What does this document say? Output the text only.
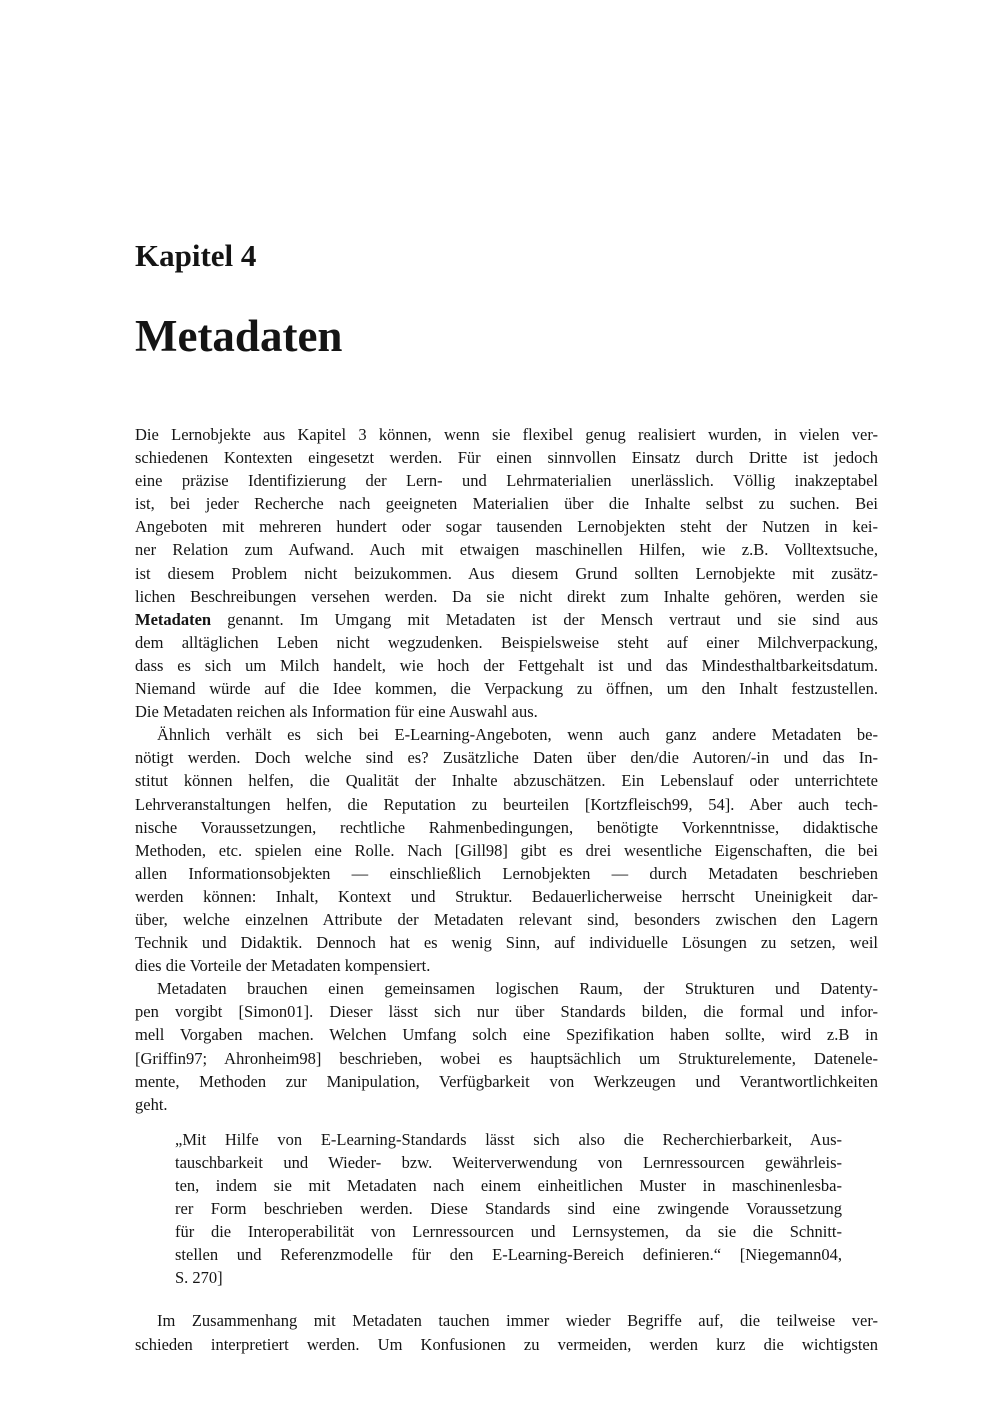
Kapitel 4

Metadaten
Die Lernobjekte aus Kapitel 3 können, wenn sie flexibel genug realisiert wurden, in vielen ver-
schiedenen Kontexten eingesetzt werden. Für einen sinnvollen Einsatz durch Dritte ist jedoch
eine präzise Identifizierung der Lern- und Lehrmaterialien unerlässlich. Völlig inakzeptabel
ist, bei jeder Recherche nach geeigneten Materialien über die Inhalte selbst zu suchen. Bei
Angeboten mit mehreren hundert oder sogar tausenden Lernobjekten steht der Nutzen in kei-
ner Relation zum Aufwand. Auch mit etwaigen maschinellen Hilfen, wie z.B. Volltextsuche,
ist diesem Problem nicht beizukommen. Aus diesem Grund sollten Lernobjekte mit zusätz-
lichen Beschreibungen versehen werden. Da sie nicht direkt zum Inhalte gehören, werden sie
Metadaten genannt. Im Umgang mit Metadaten ist der Mensch vertraut und sie sind aus
dem alltäglichen Leben nicht wegzudenken. Beispielsweise steht auf einer Milchverpackung,
dass es sich um Milch handelt, wie hoch der Fettgehalt ist und das Mindesthaltbarkeitsdatum.
Niemand würde auf die Idee kommen, die Verpackung zu öffnen, um den Inhalt festzustellen.
Die Metadaten reichen als Information für eine Auswahl aus.
Ähnlich verhält es sich bei E-Learning-Angeboten, wenn auch ganz andere Metadaten be-
nötigt werden. Doch welche sind es? Zusätzliche Daten über den/die Autoren/-in und das In-
stitut können helfen, die Qualität der Inhalte abzuschätzen. Ein Lebenslauf oder unterrichtete
Lehrveranstaltungen helfen, die Reputation zu beurteilen [Kortzfleisch99, 54]. Aber auch tech-
nische Voraussetzungen, rechtliche Rahmenbedingungen, benötigte Vorkenntnisse, didaktische
Methoden, etc. spielen eine Rolle. Nach [Gill98] gibt es drei wesentliche Eigenschaften, die bei
allen Informationsobjekten — einschließlich Lernobjekten — durch Metadaten beschrieben
werden können: Inhalt, Kontext und Struktur. Bedauerlicherweise herrscht Uneinigkeit dar-
über, welche einzelnen Attribute der Metadaten relevant sind, besonders zwischen den Lagern
Technik und Didaktik. Dennoch hat es wenig Sinn, auf individuelle Lösungen zu setzen, weil
dies die Vorteile der Metadaten kompensiert.
Metadaten brauchen einen gemeinsamen logischen Raum, der Strukturen und Datenty-
pen vorgibt [Simon01]. Dieser lässt sich nur über Standards bilden, die formal und infor-
mell Vorgaben machen. Welchen Umfang solch eine Spezifikation haben sollte, wird z.B in
[Griffin97; Ahronheim98] beschrieben, wobei es hauptsächlich um Strukturelemente, Datenele-
mente, Methoden zur Manipulation, Verfügbarkeit von Werkzeugen und Verantwortlichkeiten
geht.
„Mit Hilfe von E-Learning-Standards lässt sich also die Recherchierbarkeit, Aus-
tauschbarkeit und Wieder- bzw. Weiterverwendung von Lernressourcen gewährleis-
ten, indem sie mit Metadaten nach einem einheitlichen Muster in maschinenlesba-
rer Form beschrieben werden. Diese Standards sind eine zwingende Voraussetzung
für die Interoperabilität von Lernressourcen und Lernsystemen, da sie die Schnitt-
stellen und Referenzmodelle für den E-Learning-Bereich definieren.“ [Niegemann04,
S. 270]
Im Zusammenhang mit Metadaten tauchen immer wieder Begriffe auf, die teilweise ver-
schieden interpretiert werden. Um Konfusionen zu vermeiden, werden kurz die wichtigsten
